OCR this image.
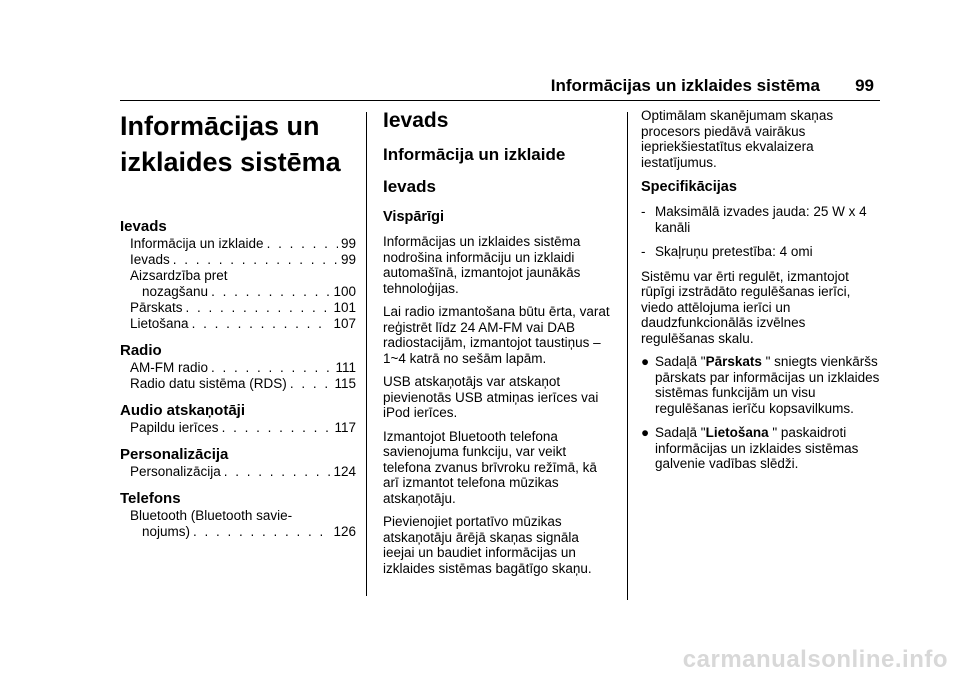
Informācijas un izklaides sistēma 99
Informācijas un
izklaides sistēma
Ievads
Informācija un izklaide . . .	99
Ievads . . .	99
Aizsardzība pret
nozagšanu . . .	100
Pārskats . . .	101
Lietošana . . .	107
Radio
AM-FM radio . . .	111
Radio datu sistēma (RDS) . . .	115
Audio atskaņotāji
Papildu ierīces . . .	117
Personalizācija
Personalizācija . . .	124
Telefons
Bluetooth (Bluetooth savie-
nojums) . . .	126
Ievads
Informācija un izklaide
Ievads
Vispārīgi

Informācijas un izklaides sistēma nodrošina informāciju un izklaidi automašīnā, izmantojot jaunākās tehnoloģijas.

Lai radio izmantošana būtu ērta, varat reģistrēt līdz 24 AM-FM vai DAB radiostacijām, izmantojot taustiņus ‒ 1~4 katrā no sešām lapām.

USB atskaņotājs var atskaņot pievienotās USB atmiņas ierīces vai iPod ierīces.

Izmantojot Bluetooth telefona savienojuma funkciju, var veikt telefona zvanus brīvroku režīmā, kā arī izmantot telefona mūzikas atskaņotāju.

Pievienojiet portatīvo mūzikas atskaņotāju ārējā skaņas signāla ieejai un baudiet informācijas un izklaides sistēmas bagātīgo skaņu.

Optimālam skanējumam skaņas procesors piedāvā vairākus iepriekšiestatītus ekvalaizera iestatījumus.

Specifikācijas
- Maksimālā izvades jauda: 25 W x 4 kanāli
- Skaļruņu pretestība: 4 omi

Sistēmu var ērti regulēt, izmantojot rūpīgi izstrādāto regulēšanas ierīci, viedo attēlojuma ierīci un daudzfunkcionālās izvēlnes regulēšanas skalu.

● Sadaļā "Pārskats " sniegts vienkāršs pārskats par informācijas un izklaides sistēmas funkcijām un visu regulēšanas ierīču kopsavilkums.
● Sadaļā "Lietošana " paskaidroti informācijas un izklaides sistēmas galvenie vadības slēdži.
carmanualsonline.info
